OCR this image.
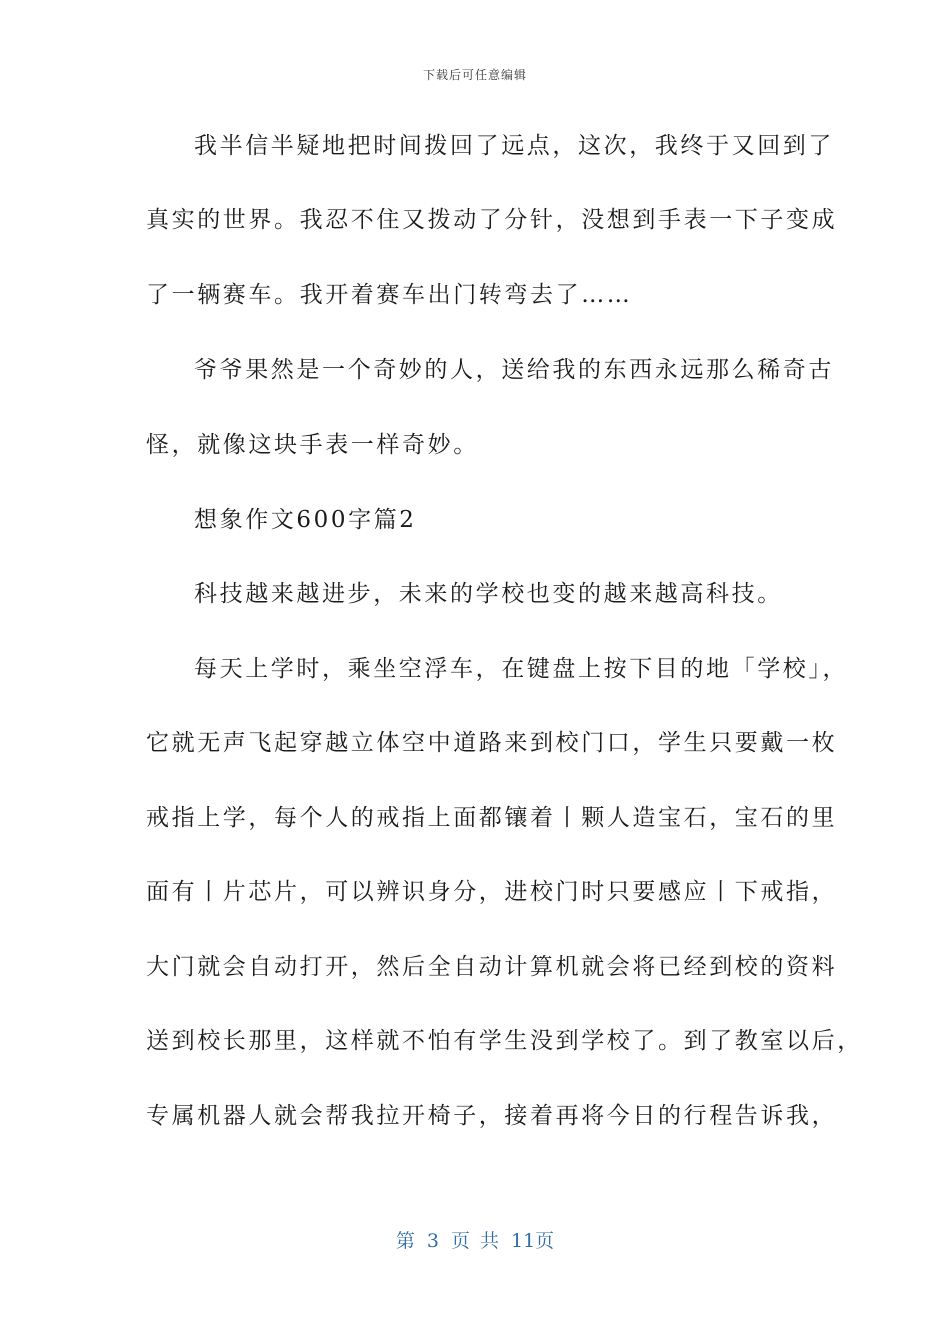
下载后可任意编辑
我半信半疑地把时间拨回了远点，这次，我终于又回到了
真实的世界。我忍不住又拨动了分针，没想到手表一下子变成
了一辆赛车。我开着赛车出门转弯去了……
爷爷果然是一个奇妙的人，送给我的东西永远那么稀奇古
怪，就像这块手表一样奇妙。
想象作文600字篇2
科技越来越进步，未来的学校也变的越来越高科技。
每天上学时，乘坐空浮车，在键盘上按下目的地「学校」，
它就无声飞起穿越立体空中道路来到校门口，学生只要戴一枚
戒指上学，每个人的戒指上面都镶着丨颗人造宝石，宝石的里
面有丨片芯片，可以辨识身分，进校门时只要感应丨下戒指，
大门就会自动打开，然后全自动计算机就会将已经到校的资料
送到校长那里，这样就不怕有学生没到学校了。到了教室以后，
专属机器人就会帮我拉开椅子，接着再将今日的行程告诉我，
第 3 页 共 11页
